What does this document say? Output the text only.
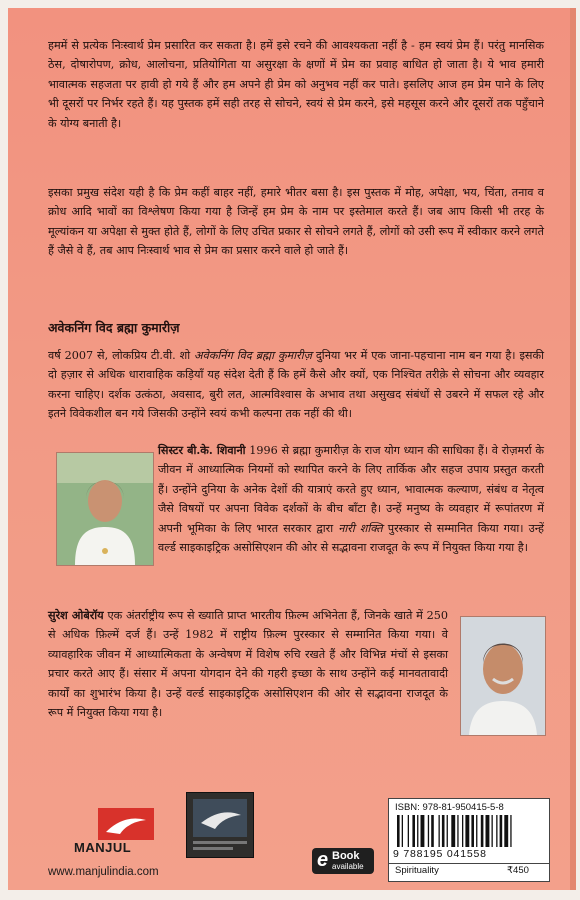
हममें से प्रत्येक निःस्वार्थ प्रेम प्रसारित कर सकता है। हमें इसे रचने की आवश्यकता नहीं है - हम स्वयं प्रेम हैं। परंतु मानसिक ठेस, दोषारोपण, क्रोध, आलोचना, प्रतियोगिता या असुरक्षा के क्षणों में प्रेम का प्रवाह बाधित हो जाता है। ये भाव हमारी भावात्मक सहजता पर हावी हो गये हैं और हम अपने ही प्रेम को अनुभव नहीं कर पाते। इसलिए आज हम प्रेम पाने के लिए भी दूसरों पर निर्भर रहते हैं। यह पुस्तक हमें सही तरह से सोचने, स्वयं से प्रेम करने, इसे महसूस करने और दूसरों तक पहुँचाने के योग्य बनाती है।

इसका प्रमुख संदेश यही है कि प्रेम कहीं बाहर नहीं, हमारे भीतर बसा है। इस पुस्तक में मोह, अपेक्षा, भय, चिंता, तनाव व क्रोध आदि भावों का विश्लेषण किया गया है जिन्हें हम प्रेम के नाम पर इस्तेमाल करते हैं। जब आप किसी भी तरह के मूल्यांकन या अपेक्षा से मुक्त होते हैं, लोगों के लिए उचित प्रकार से सोचने लगते हैं, लोगों को उसी रूप में स्वीकार करने लगते हैं जैसे वे हैं, तब आप निःस्वार्थ भाव से प्रेम का प्रसार करने वाले हो जाते हैं।

अवेकनिंग विद ब्रह्मा कुमारीज़

वर्ष 2007 से, लोकप्रिय टी.वी. शो अवेकनिंग विद ब्रह्मा कुमारीज़ दुनिया भर में एक जाना-पहचाना नाम बन गया है। इसकी दो हज़ार से अधिक धारावाहिक कड़ियाँ यह संदेश देती हैं कि हमें कैसे और क्यों, एक निश्चित तरीक़े से सोचना और व्यवहार करना चाहिए। दर्शक उत्कंठा, अवसाद, बुरी लत, आत्मविश्वास के अभाव तथा असुखद संबंधों से उबरने में सफल रहे और इतने विवेकशील बन गये जिसकी उन्होंने स्वयं कभी कल्पना तक नहीं की थी।

सिस्टर बी.के. शिवानी 1996 से ब्रह्मा कुमारीज़ के राज योग ध्यान की साधिका हैं। वे रोज़मर्रा के जीवन में आध्यात्मिक नियमों को स्थापित करने के लिए तार्किक और सहज उपाय प्रस्तुत करती हैं। उन्होंने दुनिया के अनेक देशों की यात्राएं करते हुए ध्यान, भावात्मक कल्याण, संबंध व नेतृत्व जैसे विषयों पर अपना विवेक दर्शकों के बीच बाँटा है। उन्हें मनुष्य के व्यवहार में रूपांतरण में अपनी भूमिका के लिए भारत सरकार द्वारा नारी शक्ति पुरस्कार से सम्मानित किया गया। उन्हें वर्ल्ड साइकाइट्रिक असोसिएशन की ओर से सद्भावना राजदूत के रूप में नियुक्त किया गया है।

सुरेश ओबेरॉय एक अंतर्राष्ट्रीय रूप से ख्याति प्राप्त भारतीय फ़िल्म अभिनेता हैं, जिनके खाते में 250 से अधिक फ़िल्में दर्ज हैं। उन्हें 1982 में राष्ट्रीय फ़िल्म पुरस्कार से सम्मानित किया गया। वे व्यावहारिक जीवन में आध्यात्मिकता के अन्वेषण में विशेष रुचि रखते हैं और विभिन्न मंचों से इसका प्रचार करते आए हैं। संसार में अपना योगदान देने की गहरी इच्छा के साथ उन्होंने कई मानवतावादी कार्यों का शुभारंभ किया है। उन्हें वर्ल्ड साइकाइट्रिक असोसिएशन की ओर से सद्भावना राजदूत के रूप में नियुक्त किया गया है।

MANJUL
www.manjulindia.com
e Book
available
ISBN: 978-81-950415-5-8
9 788195 041558
Spirituality	₹450
